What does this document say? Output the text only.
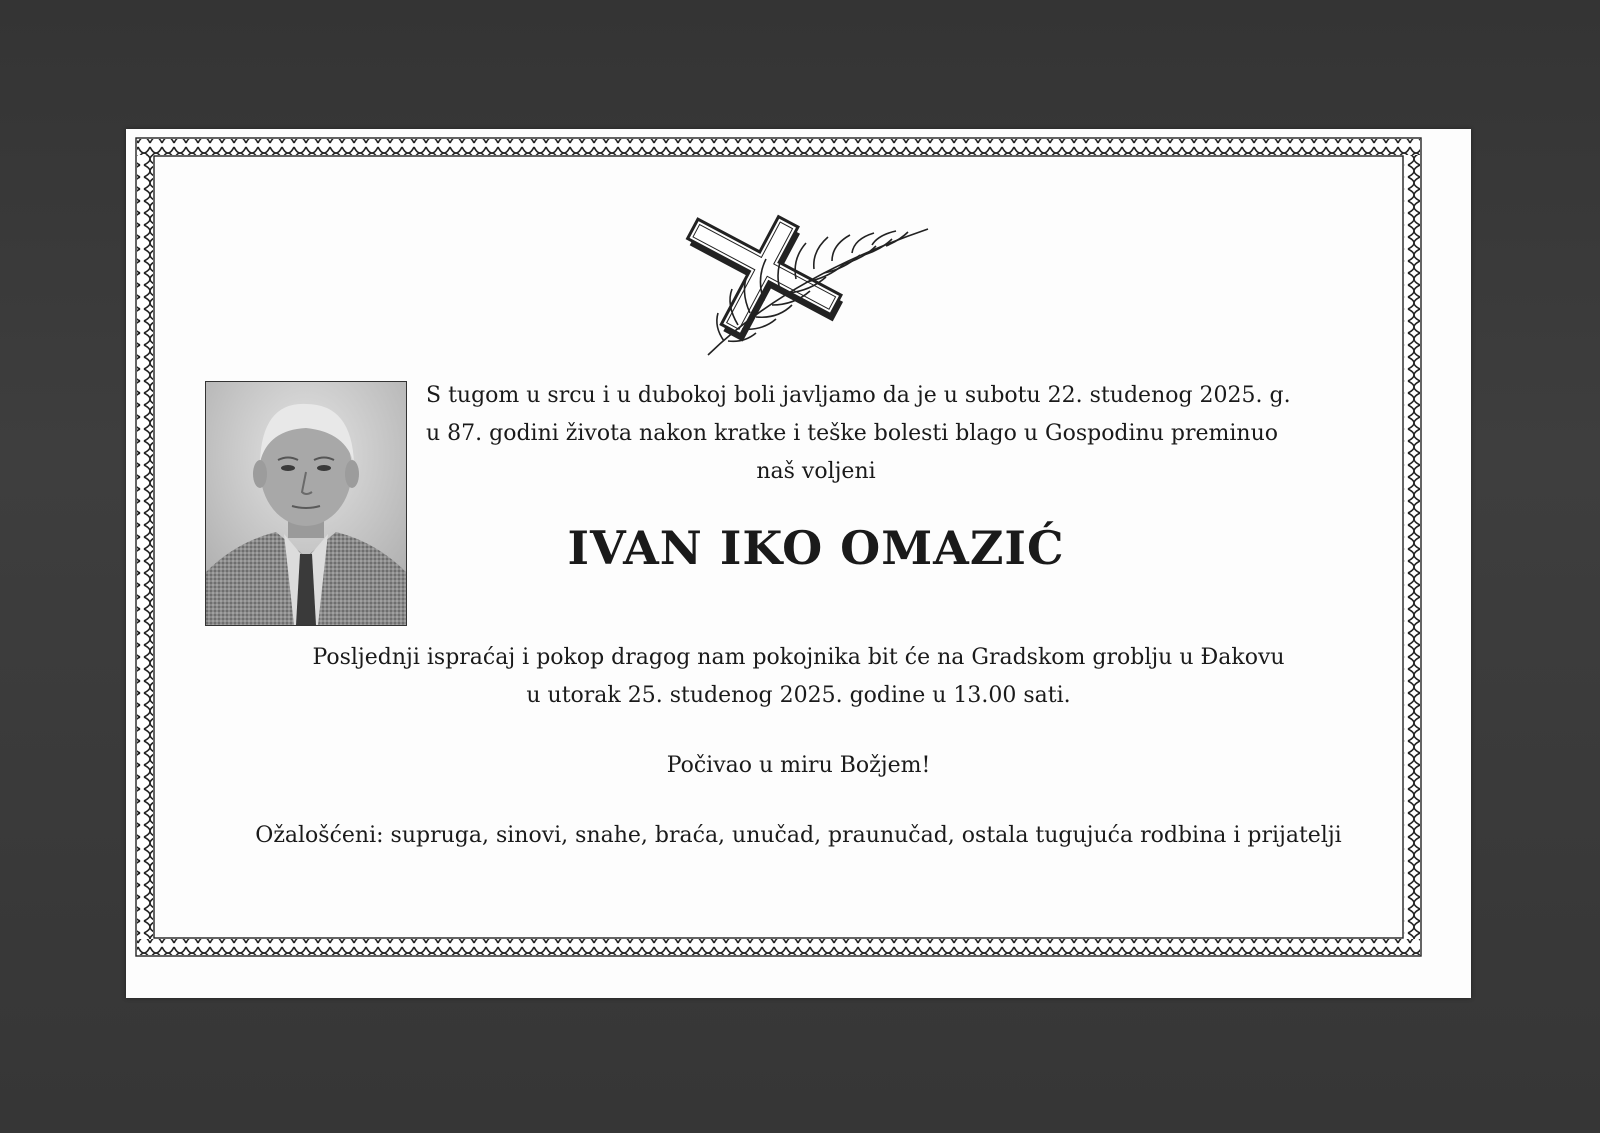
S tugom u srcu i u dubokoj boli javljamo da je u subotu 22. studenog 2025. g.
u 87. godini života nakon kratke i teške bolesti blago u Gospodinu preminuo
naš voljeni
IVAN IKO OMAZIĆ
Posljednji ispraćaj i pokop dragog nam pokojnika bit će na Gradskom groblju u Đakovu
u utorak 25. studenog 2025. godine u 13.00 sati.
Počivao u miru Božjem!
Ožalošćeni: supruga, sinovi, snahe, braća, unučad, praunučad, ostala tugujuća rodbina i prijatelji
